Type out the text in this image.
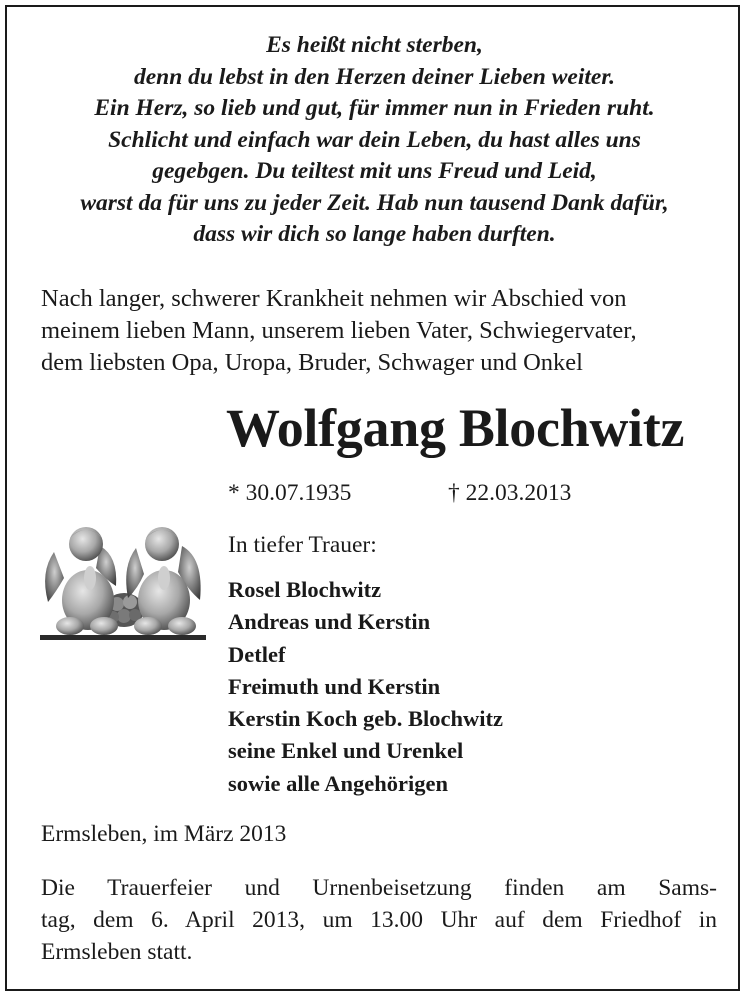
Es heißt nicht sterben,
denn du lebst in den Herzen deiner Lieben weiter.
Ein Herz, so lieb und gut, für immer nun in Frieden ruht.
Schlicht und einfach war dein Leben, du hast alles uns
gegebgen. Du teiltest mit uns Freud und Leid,
warst da für uns zu jeder Zeit. Hab nun tausend Dank dafür,
dass wir dich so lange haben durften.
Nach langer, schwerer Krankheit nehmen wir Abschied von
meinem lieben Mann, unserem lieben Vater, Schwiegervater,
dem liebsten Opa, Uropa, Bruder, Schwager und Onkel
Wolfgang Blochwitz
* 30.07.1935	† 22.03.2013
In tiefer Trauer:
Rosel Blochwitz
Andreas und Kerstin
Detlef
Freimuth und Kerstin
Kerstin Koch geb. Blochwitz
seine Enkel und Urenkel
sowie alle Angehörigen
Ermsleben, im März 2013
Die Trauerfeier und Urnenbeisetzung finden am Sams-
tag, dem 6. April 2013, um 13.00 Uhr auf dem Friedhof in
Ermsleben statt.
